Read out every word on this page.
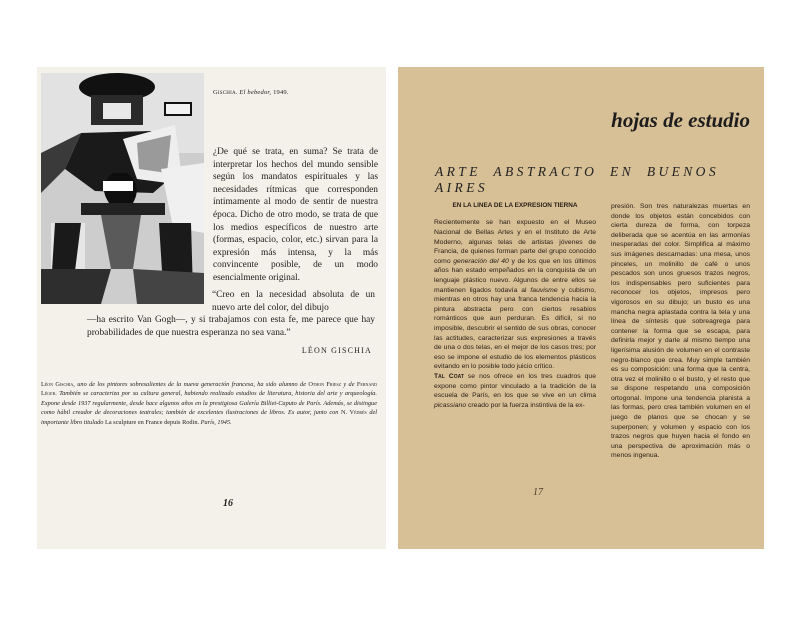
Gischia. El bebedor, 1949.

¿De qué se trata, en suma? Se trata de interpretar los hechos del mundo sensible según los mandatos espirituales y las necesidades rítmicas que corresponden íntimamente al modo de sentir de nuestra época. Dicho de otro modo, se trata de que los medios específicos de nuestro arte (formas, espacio, color, etc.) sirvan para la expresión más intensa, y la más convincente posible, de un modo esencialmente original.

“Creo en la necesidad absoluta de un nuevo arte del color, del dibujo
—ha escrito Van Gogh—, y si trabajamos con esta fe, me parece que hay probabilidades de que nuestra esperanza no sea vana.”
LÉON GISCHIA
Léon Gischia, uno de los pintores sobresalientes de la nueva generación francesa, ha sido alumno de Othon Friesz y de Fernand Léger. También se caracteriza por su cultura general, habiendo realizado estudios de literatura, historia del arte y arqueología. Expone desde 1937 regularmente, desde hace algunos años en la prestigiosa Galería Billiet-Caputo de París. Además, se distingue como hábil creador de decoraciones teatrales; también de excelentes ilustraciones de libros. Es autor, junto con N. Védrès del importante libro titulado La sculpture en France depuis Rodin. París, 1945.
16
hojas de estudio
ARTE ABSTRACTO EN BUENOS AIRES

EN LA LINEA DE LA EXPRESION TIERNA

Recientemente se han expuesto en el Museo Nacional de Bellas Artes y en el Instituto de Arte Moderno, algunas telas de artistas jóvenes de Francia, de quienes forman parte del grupo conocido como generación del 40 y de los que en los últimos años han estado empeñados en la conquista de un lenguaje plástico nuevo. Algunos de entre ellos se mantienen ligados todavía al fauvisme y cubismo, mientras en otros hay una franca tendencia hacia la pintura abstracta pero con ciertos resabios románticos que aun perduran. Es difícil, si no imposible, descubrir el sentido de sus obras, conocer las actitudes, caracterizar sus expresiones a través de una o dos telas, en el mejor de los casos tres; por eso se impone el estudio de los elementos plásticos evitando en lo posible todo juicio crítico.

Tal Coat se nos ofrece en los tres cuadros que expone como pintor vinculado a la tradición de la escuela de París, en los que se vive en un clima picassiano creado por la fuerza instintiva de la ex-

presión. Son tres naturalezas muertas en donde los objetos están concebidos con cierta dureza de forma, con torpeza deliberada que se acentúa en las armonías inesperadas del color. Simplifica al máximo sus imágenes descarnadas: una mesa, unos pinceles, un molinillo de café o unos pescados son unos gruesos trazos negros, los indispensables pero suficientes para reconocer los objetos, impresos pero vigorosos en su dibujo; un busto es una mancha negra aplastada contra la tela y una línea de síntesis que sobreagrega para contener la forma que se escapa, para definirla mejor y darle al mismo tiempo una ligerísima alusión de volumen en el contraste negro-blanco que crea. Muy simple también es su composición: una forma que la centra, otra vez el molinillo o el busto, y el resto que se dispone respetando una composición ortogonal. Impone una tendencia planista a las formas, pero crea también volumen en el juego de planos que se chocan y se superponen; y volumen y espacio con los trazos negros que huyen hacia el fondo en una perspectiva de aproximación más o menos ingenua.

17
